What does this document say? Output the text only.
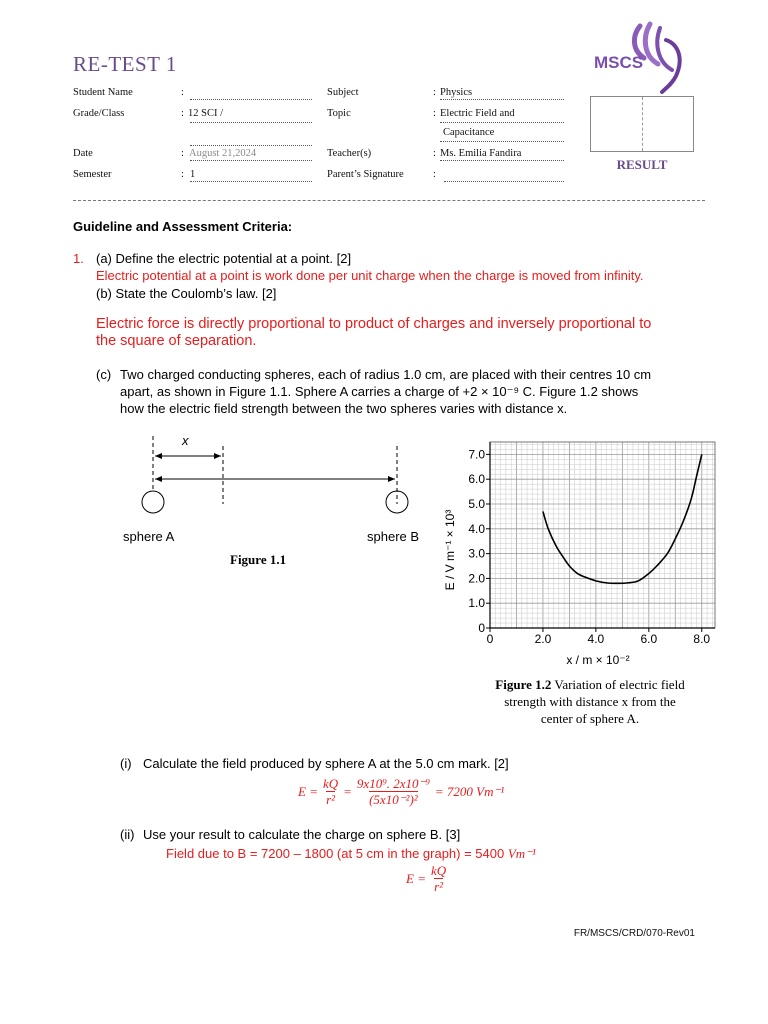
RE-TEST 1	MSCS
Student Name	:
Grade/Class	: 12 SCI /
Date	: August 21,2024
Semester	: 1
Subject	: Physics
Topic	: Electric Field and
Capacitance
Teacher(s)	: Ms. Emilia Fandira
Parent’s Signature	:
RESULT
Guideline and Assessment Criteria:
1. (a) Define the electric potential at a point. [2]
Electric potential at a point is work done per unit charge when the charge is moved from infinity.
(b) State the Coulomb’s law. [2]
Electric force is directly proportional to product of charges and inversely proportional to
the square of separation.
(c) Two charged conducting spheres, each of radius 1.0 cm, are placed with their centres 10 cm
apart, as shown in Figure 1.1. Sphere A carries a charge of +2 × 10⁻⁹ C. Figure 1.2 shows
how the electric field strength between the two spheres varies with distance x.
x
sphere A	sphere B
Figure 1.1
0	2.0	4.0	6.0	8.0
0
1.0
2.0
3.0
4.0
5.0
6.0
7.0
x / m × 10⁻²
E / V m⁻¹ × 10³
Figure 1.2 Variation of electric field
strength with distance x from the
center of sphere A.
(i) Calculate the field produced by sphere A at the 5.0 cm mark. [2]
$E = \frac{kQ}{\text{r²}} = \frac{\text{9x10⁹. 2x10⁻⁹}}{\text{(5x10⁻²)²}} = 7200$ Vm⁻¹
(ii) Use your result to calculate the charge on sphere B. [3]
Field due to B = 7200 – 1800 (at 5 cm in the graph) = 5400 Vm⁻¹
$E = \frac{kQ}{\text{r²}}$
FR/MSCS/CRD/070-Rev01
